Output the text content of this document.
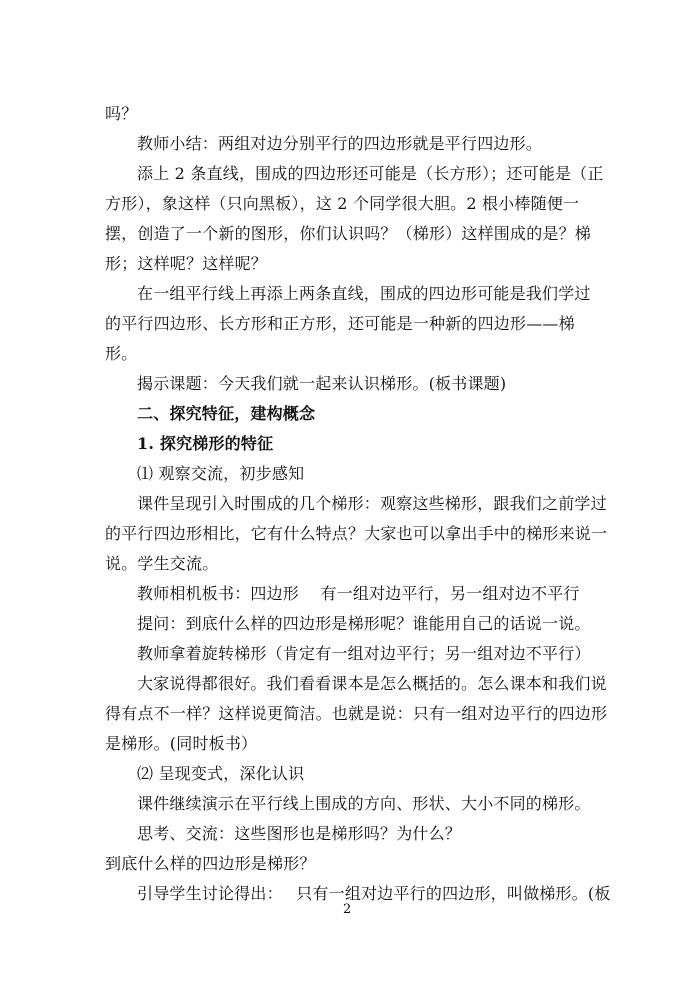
吗？
教师小结：两组对边分别平行的四边形就是平行四边形。
添上 2 条直线，围成的四边形还可能是（长方形）；还可能是（正
方形），象这样（只向黑板），这 2 个同学很大胆。2 根小棒随便一
摆，创造了一个新的图形，你们认识吗？（梯形）这样围成的是？梯
形；这样呢？这样呢？
在一组平行线上再添上两条直线，围成的四边形可能是我们学过
的平行四边形、长方形和正方形，还可能是一种新的四边形——梯
形。
揭示课题：今天我们就一起来认识梯形。(板书课题)
二、探究特征，建构概念
1. 探究梯形的特征
⑴ 观察交流，初步感知
课件呈现引入时围成的几个梯形：观察这些梯形，跟我们之前学过
的平行四边形相比，它有什么特点？大家也可以拿出手中的梯形来说一
说。学生交流。
教师相机板书：四边形　 有一组对边平行，另一组对边不平行
提问：到底什么样的四边形是梯形呢？谁能用自己的话说一说。
教师拿着旋转梯形（肯定有一组对边平行；另一组对边不平行）
大家说得都很好。我们看看课本是怎么概括的。怎么课本和我们说
得有点不一样？这样说更简洁。也就是说：只有一组对边平行的四边形
是梯形。(同时板书）
⑵ 呈现变式，深化认识
课件继续演示在平行线上围成的方向、形状、大小不同的梯形。
思考、交流：这些图形也是梯形吗？为什么？
到底什么样的四边形是梯形？
引导学生讨论得出：　 只有一组对边平行的四边形，叫做梯形。(板
2
